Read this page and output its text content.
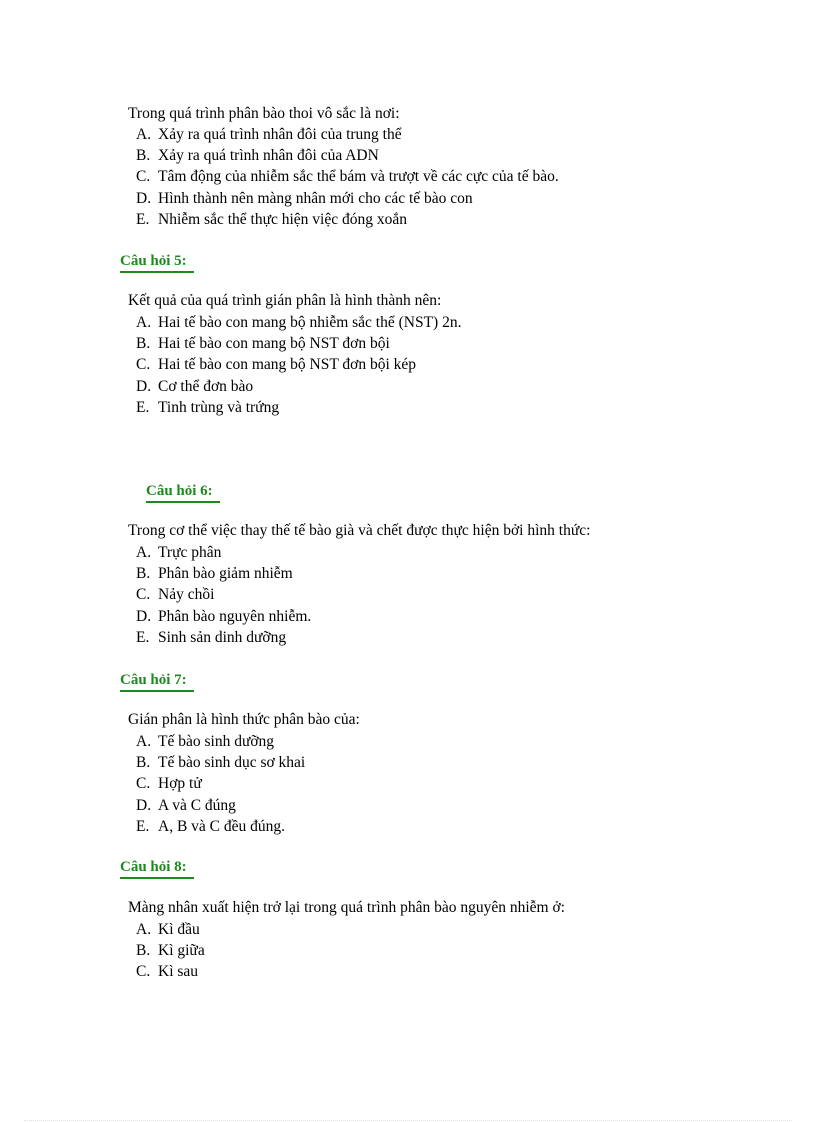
Trong quá trình phân bào thoi vô sắc là nơi:
A. Xảy ra quá trình nhân đôi của trung thể
B. Xảy ra quá trình nhân đôi của ADN
C. Tâm động của nhiễm sắc thể bám và trượt về các cực của tế bào.
D. Hình thành nên màng nhân mới cho các tế bào con
E. Nhiễm sắc thể thực hiện việc đóng xoắn
Câu hỏi 5:
Kết quả của quá trình gián phân là hình thành nên:
A. Hai tế bào con mang bộ nhiễm sắc thể (NST) 2n.
B. Hai tế bào con mang bộ NST đơn bội
C. Hai tế bào con mang bộ NST đơn bội kép
D. Cơ thể đơn bào
E. Tinh trùng và trứng
Câu hỏi 6:
Trong cơ thể việc thay thế tế bào già và chết được thực hiện bởi hình thức:
A. Trực phân
B. Phân bào giảm nhiễm
C. Nảy chồi
D. Phân bào nguyên nhiễm.
E. Sinh sản dinh dưỡng
Câu hỏi 7:
Gián phân là hình thức phân bào của:
A. Tế bào sinh dưỡng
B. Tế bào sinh dục sơ khai
C. Hợp tử
D. A và C đúng
E. A, B và C đều đúng.
Câu hỏi 8:
Màng nhân xuất hiện trở lại trong quá trình phân bào nguyên nhiễm ở:
A. Kì đầu
B. Kì giữa
C. Kì sau
